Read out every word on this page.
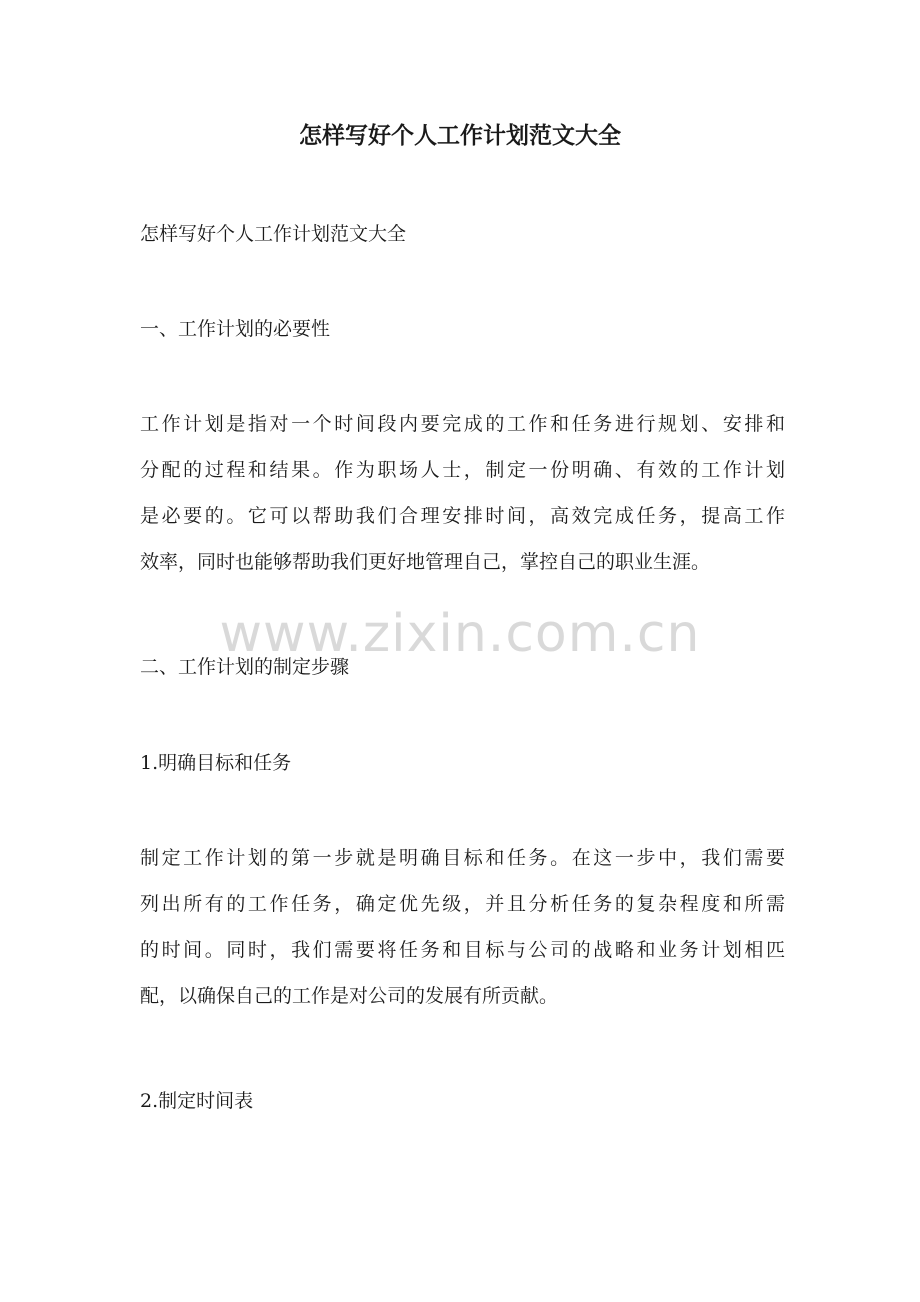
怎样写好个人工作计划范文大全

怎样写好个人工作计划范文大全

一、工作计划的必要性

工作计划是指对一个时间段内要完成的工作和任务进行规划、安排和
分配的过程和结果。作为职场人士，制定一份明确、有效的工作计划
是必要的。它可以帮助我们合理安排时间，高效完成任务，提高工作
效率，同时也能够帮助我们更好地管理自己，掌控自己的职业生涯。

二、工作计划的制定步骤

1.明确目标和任务

制定工作计划的第一步就是明确目标和任务。在这一步中，我们需要
列出所有的工作任务，确定优先级，并且分析任务的复杂程度和所需
的时间。同时，我们需要将任务和目标与公司的战略和业务计划相匹
配，以确保自己的工作是对公司的发展有所贡献。

2.制定时间表

www.zixin.com.cn
